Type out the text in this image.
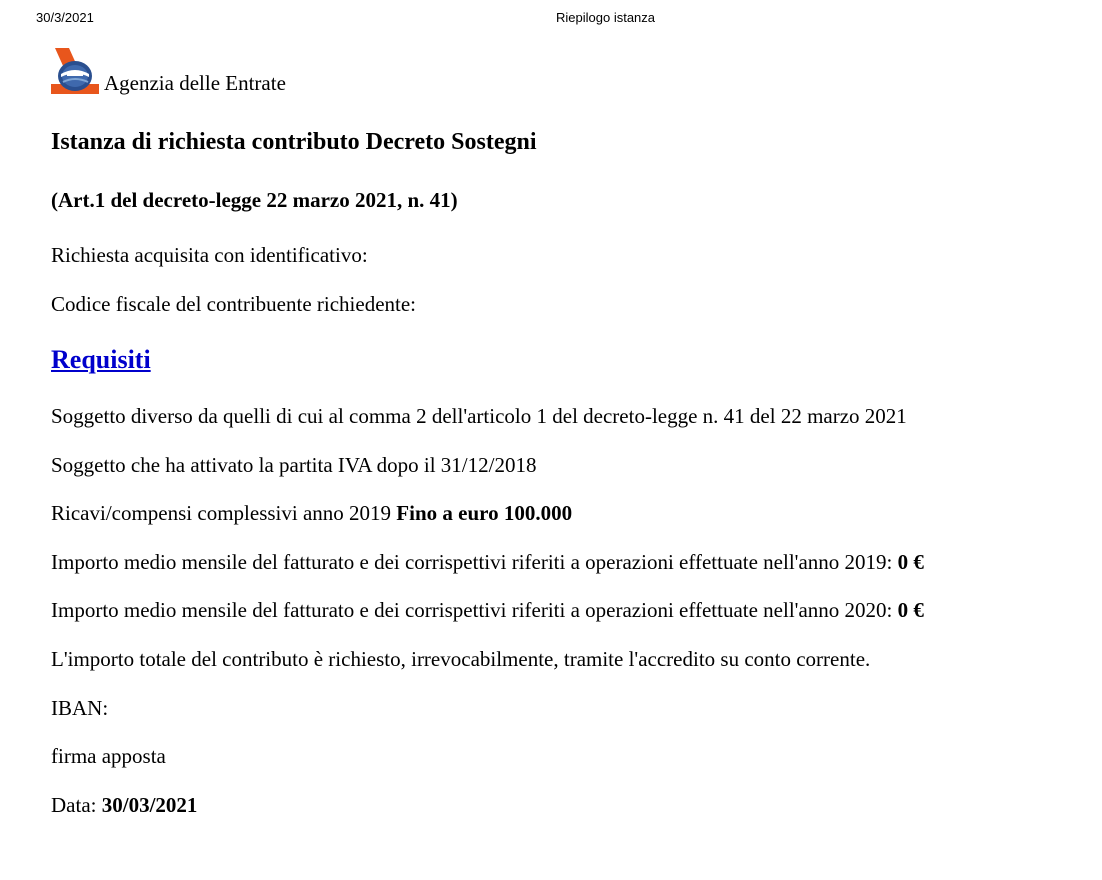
30/3/2021	Riepilogo istanza
Agenzia delle Entrate
Istanza di richiesta contributo Decreto Sostegni
(Art.1 del decreto-legge 22 marzo 2021, n. 41)
Richiesta acquisita con identificativo:
Codice fiscale del contribuente richiedente:
Requisiti
Soggetto diverso da quelli di cui al comma 2 dell'articolo 1 del decreto-legge n. 41 del 22 marzo 2021
Soggetto che ha attivato la partita IVA dopo il 31/12/2018
Ricavi/compensi complessivi anno 2019 Fino a euro 100.000
Importo medio mensile del fatturato e dei corrispettivi riferiti a operazioni effettuate nell'anno 2019: 0 €
Importo medio mensile del fatturato e dei corrispettivi riferiti a operazioni effettuate nell'anno 2020: 0 €
L'importo totale del contributo è richiesto, irrevocabilmente, tramite l'accredito su conto corrente.
IBAN:
firma apposta
Data: 30/03/2021
